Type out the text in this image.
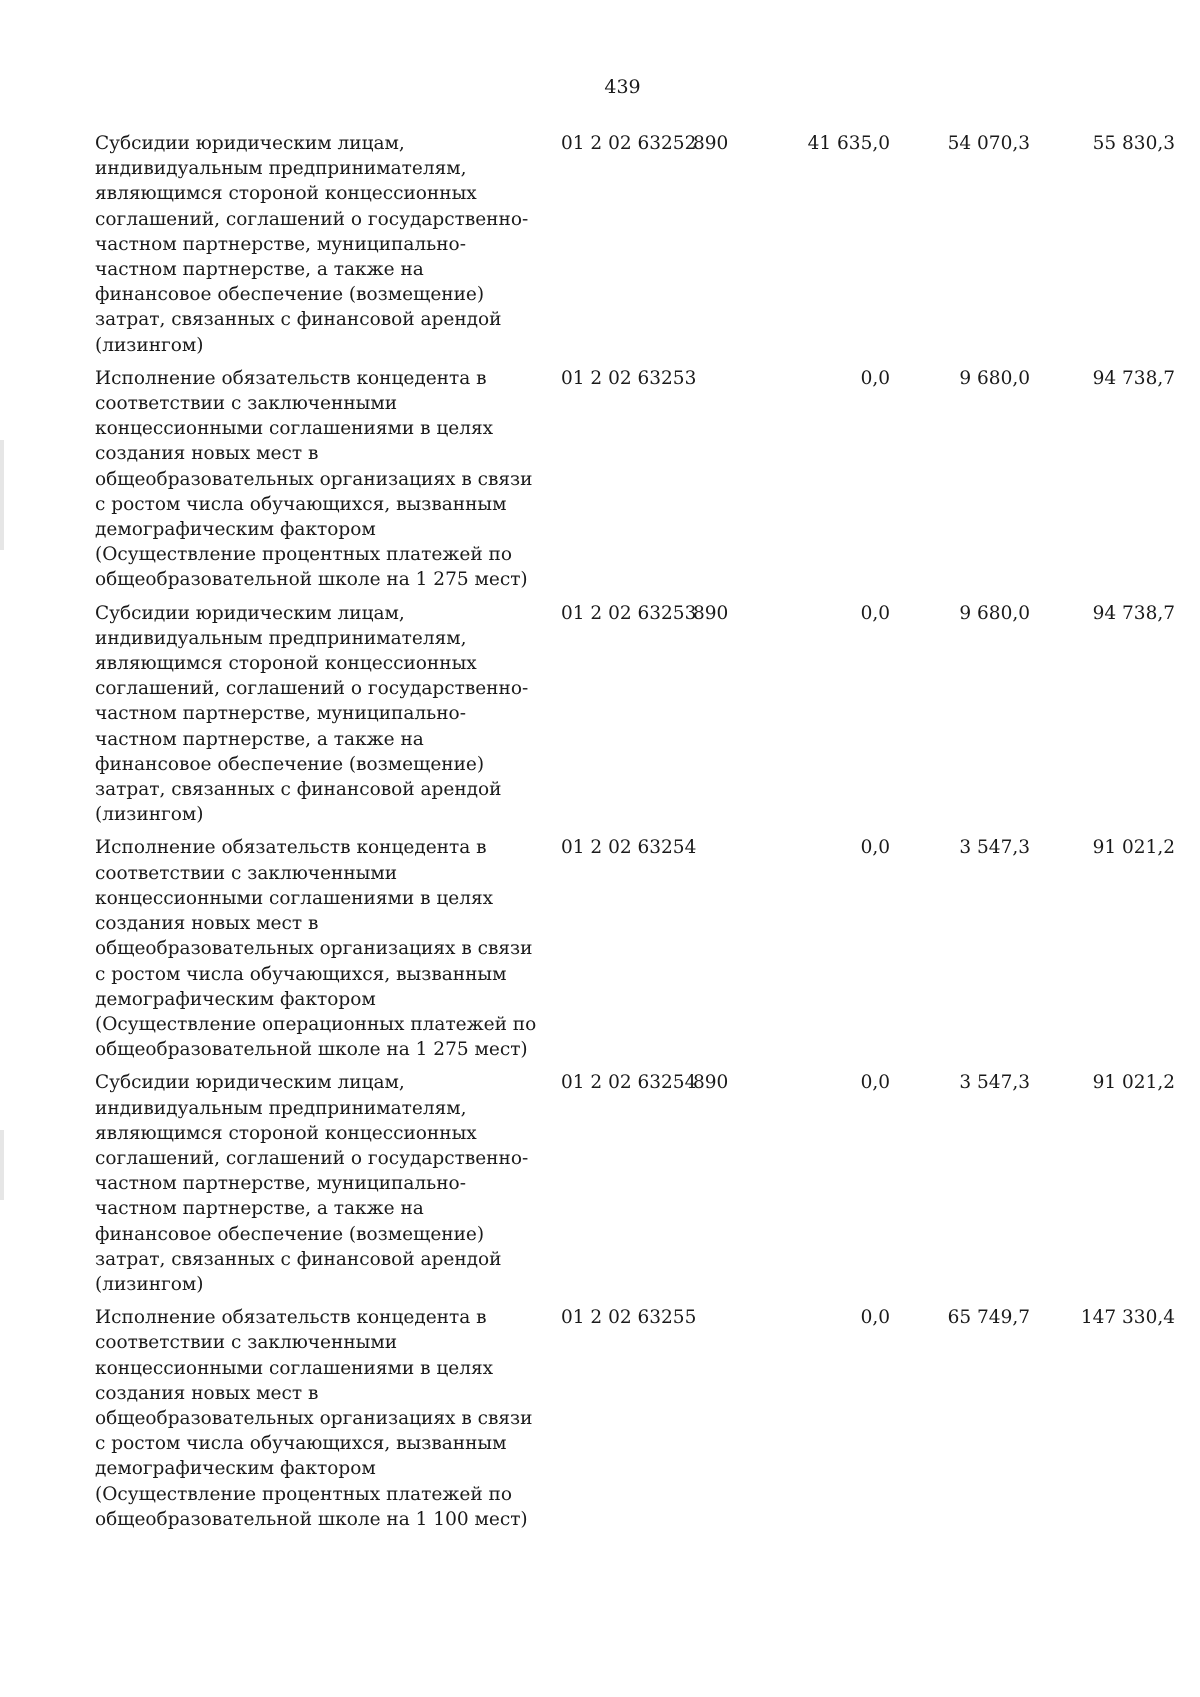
439
Субсидии юридическим лицам, индивидуальным предпринимателям, являющимся стороной концессионных соглашений, соглашений о государственно-частном партнерстве, муниципально-частном партнерстве, а также на финансовое обеспечение (возмещение) затрат, связанных с финансовой арендой (лизингом)	01 2 02 63252	890	41 635,0	54 070,3	55 830,3
Исполнение обязательств концедента в соответствии с заключенными концессионными соглашениями в целях создания новых мест в общеобразовательных организациях в связи с ростом числа обучающихся, вызванным демографическим фактором (Осуществление процентных платежей по общеобразовательной школе на 1 275 мест)	01 2 02 63253		0,0	9 680,0	94 738,7
Субсидии юридическим лицам, индивидуальным предпринимателям, являющимся стороной концессионных соглашений, соглашений о государственно-частном партнерстве, муниципально-частном партнерстве, а также на финансовое обеспечение (возмещение) затрат, связанных с финансовой арендой (лизингом)	01 2 02 63253	890	0,0	9 680,0	94 738,7
Исполнение обязательств концедента в соответствии с заключенными концессионными соглашениями в целях создания новых мест в общеобразовательных организациях в связи с ростом числа обучающихся, вызванным демографическим фактором (Осуществление операционных платежей по общеобразовательной школе на 1 275 мест)	01 2 02 63254		0,0	3 547,3	91 021,2
Субсидии юридическим лицам, индивидуальным предпринимателям, являющимся стороной концессионных соглашений, соглашений о государственно-частном партнерстве, муниципально-частном партнерстве, а также на финансовое обеспечение (возмещение) затрат, связанных с финансовой арендой (лизингом)	01 2 02 63254	890	0,0	3 547,3	91 021,2
Исполнение обязательств концедента в соответствии с заключенными концессионными соглашениями в целях создания новых мест в общеобразовательных организациях в связи с ростом числа обучающихся, вызванным демографическим фактором (Осуществление процентных платежей по общеобразовательной школе на 1 100 мест)	01 2 02 63255		0,0	65 749,7	147 330,4
